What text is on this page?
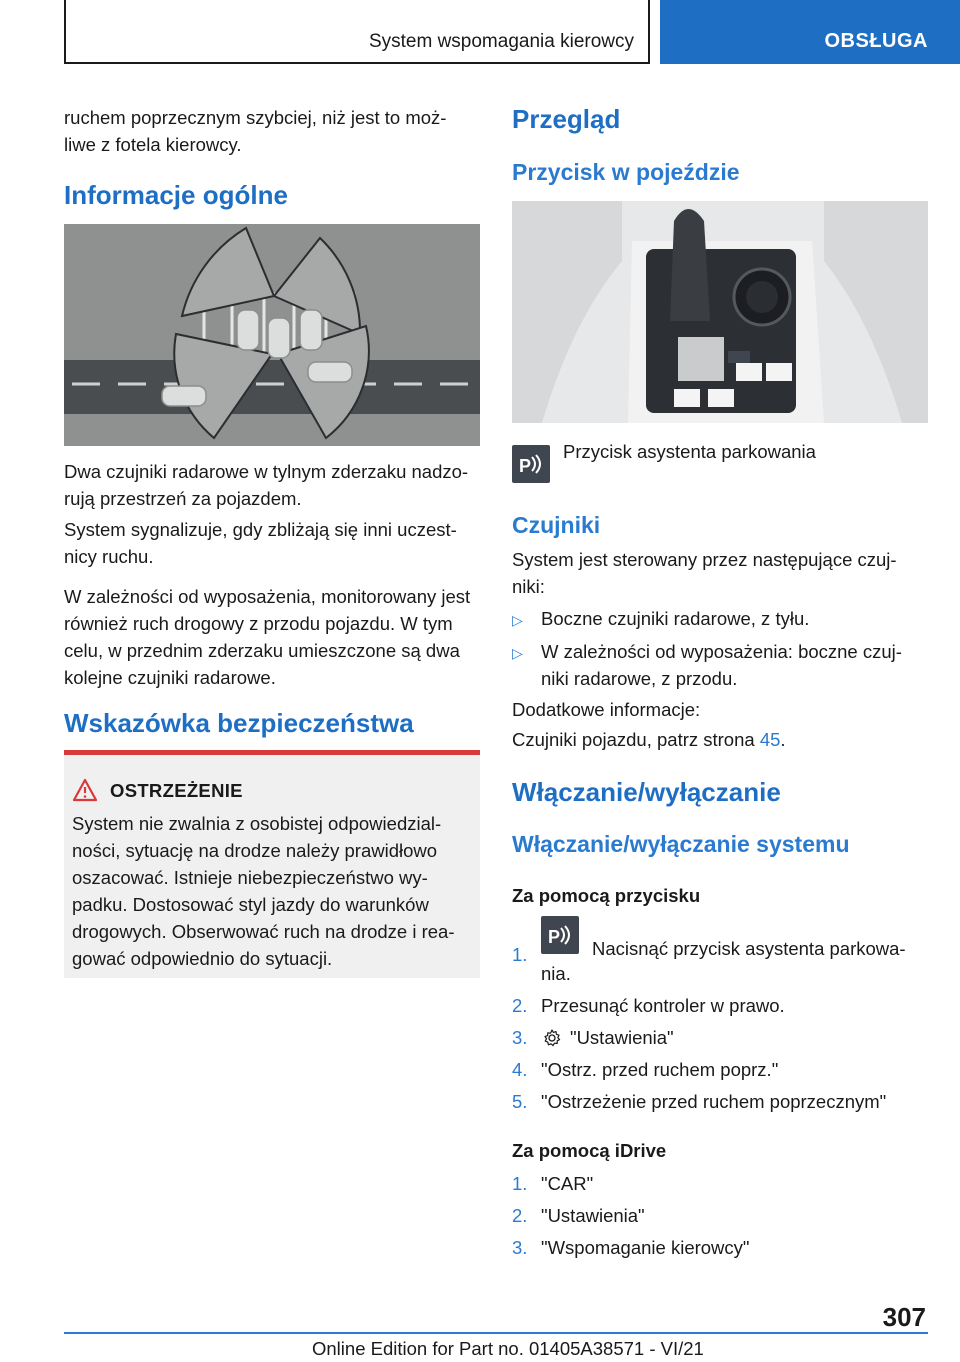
System wspomagania kierowcy	OBSŁUGA

ruchem poprzecznym szybciej, niż jest to moż-

liwe z fotela kierowcy.

Informacje ogólne

Dwa czujniki radarowe w tylnym zderzaku nadzo-

rują przestrzeń za pojazdem.

System sygnalizuje, gdy zbliżają się inni uczest-

nicy ruchu.

W zależności od wyposażenia, monitorowany jest

również ruch drogowy z przodu pojazdu. W tym

celu, w przednim zderzaku umieszczone są dwa

kolejne czujniki radarowe.

Wskazówka bezpieczeństwa
OSTRZEŻENIE

System nie zwalnia z osobistej odpowiedzial-

ności, sytuację na drodze należy prawidłowo

oszacować. Istnieje niebezpieczeństwo wy-

padku. Dostosować styl jazdy do warunków

drogowych. Obserwować ruch na drodze i rea-

gować odpowiednio do sytuacji.

Przegląd
Przycisk w pojeździe
P

Przycisk asystenta parkowania

Czujniki

System jest sterowany przez następujące czuj-

niki:

▷ Boczne czujniki radarowe, z tyłu.
▷ W zależności od wyposażenia: boczne czuj-
niki radarowe, z przodu.

Dodatkowe informacje:

Czujniki pojazdu, patrz strona 45.

Włączanie/wyłączanie
Włączanie/wyłączanie systemu
Za pomocą przycisku
1.
P
Nacisnąć przycisk asystenta parkowa-
nia.
2. Przesunąć kontroler w prawo.
3. "Ustawienia"
4. "Ostrz. przed ruchem poprz."
5. "Ostrzeżenie przed ruchem poprzecznym"
Za pomocą iDrive
1. "CAR"
2. "Ustawienia"
3. "Wspomaganie kierowcy"
307
Online Edition for Part no. 01405A38571 - VI/21
